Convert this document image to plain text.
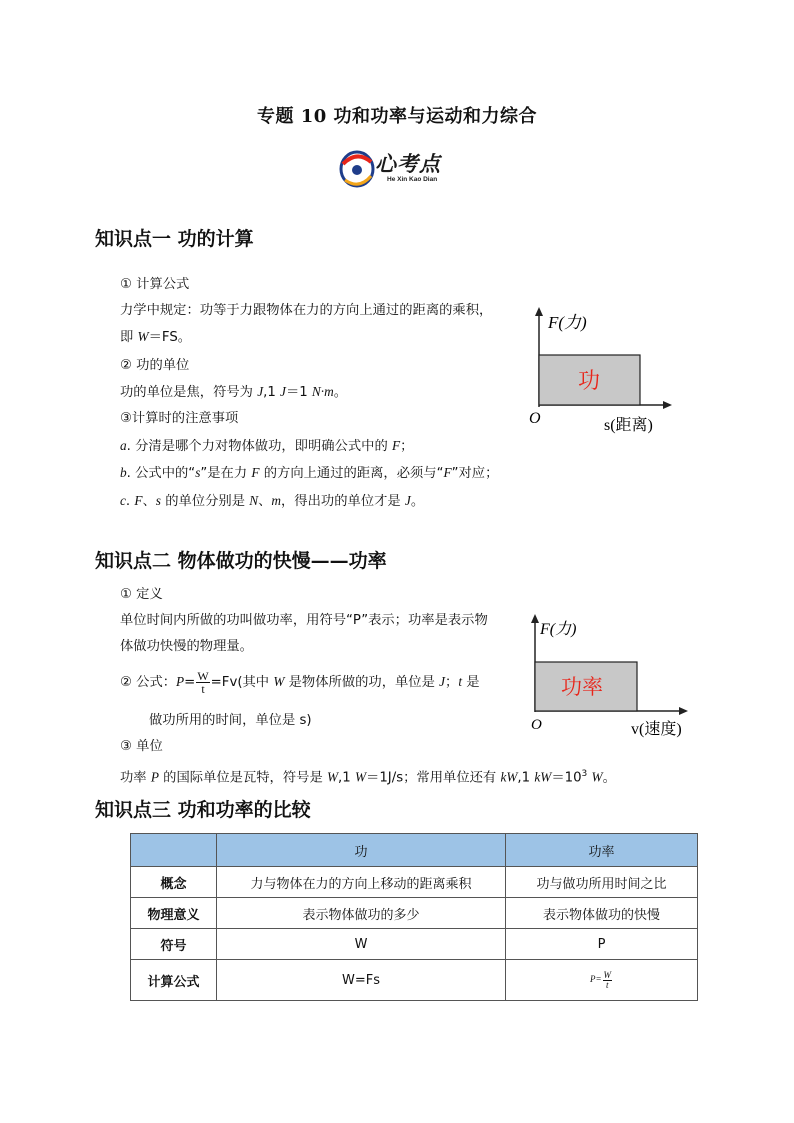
专题 10 功和功率与运动和力综合
心考点
He Xin Kao Dian
知识点一 功的计算
① 计算公式
力学中规定：功等于力跟物体在力的方向上通过的距离的乘积，
即 W＝FS。
② 功的单位
功的单位是焦，符号为 J,1 J＝1 N·m。
③计算时的注意事项
a. 分清是哪个力对物体做功，即明确公式中的 F；
b. 公式中的“s”是在力 F 的方向上通过的距离，必须与“F”对应；
c. F、s 的单位分别是 N、m，得出功的单位才是 J。
功
F(力)
O	s(距离)
知识点二 物体做功的快慢——功率
① 定义
单位时间内所做的功叫做功率，用符号“P”表示；功率是表示物
体做功快慢的物理量。
② 公式：$P= \frac{W}{t} =Fv$(其中 W 是物体所做的功，单位是 J；t 是
做功所用的时间，单位是 s)
③ 单位
功率 P 的国际单位是瓦特，符号是 W,1 W＝1J/s；常用单位还有 kW,1 $kW=10^3$ W。
功率
F(力)
O	v(速度)
知识点三 功和功率的比较
	功	功率
概念	力与物体在力的方向上移动的距离乘积	功与做功所用时间之比
物理意义	表示物体做功的多少	表示物体做功的快慢
符号	W	P
计算公式	W=Fs	$P= \frac{W}{t}$
